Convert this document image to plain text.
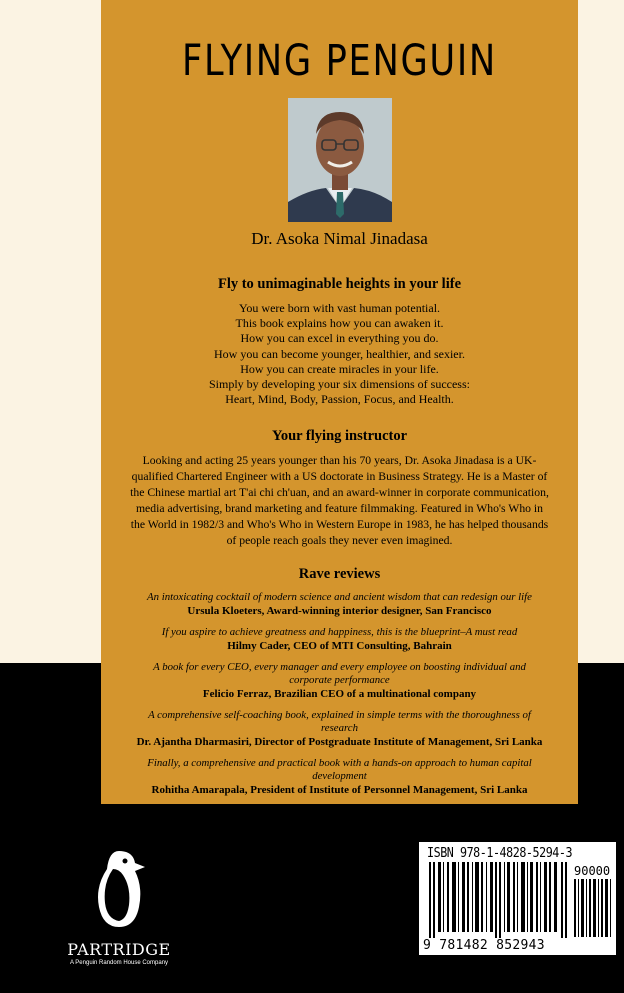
FLYING PENGUIN
Dr. Asoka Nimal Jinadasa
Fly to unimaginable heights in your life
You were born with vast human potential.
This book explains how you can awaken it.
How you can excel in everything you do.
How you can become younger, healthier, and sexier.
How you can create miracles in your life.
Simply by developing your six dimensions of success:
Heart, Mind, Body, Passion, Focus, and Health.
Your flying instructor
Looking and acting 25 years younger than his 70 years, Dr. Asoka Jinadasa is a UK-qualified Chartered Engineer with a US doctorate in Business Strategy. He is a Master of the Chinese martial art T'ai chi ch'uan, and an award-winner in corporate communication, media advertising, brand marketing and feature filmmaking. Featured in Who's Who in the World in 1982/3 and Who's Who in Western Europe in 1983, he has helped thousands of people reach goals they never even imagined.
Rave reviews
An intoxicating cocktail of modern science and ancient wisdom that can redesign our life
Ursula Kloeters, Award-winning interior designer, San Francisco
If you aspire to achieve greatness and happiness, this is the blueprint–A must read
Hilmy Cader, CEO of MTI Consulting, Bahrain
A book for every CEO, every manager and every employee on boosting individual and corporate performance
Felicio Ferraz, Brazilian CEO of a multinational company
A comprehensive self-coaching book, explained in simple terms with the thoroughness of research
Dr. Ajantha Dharmasiri, Director of Postgraduate Institute of Management, Sri Lanka
Finally, a comprehensive and practical book with a hands-on approach to human capital development
Rohitha Amarapala, President of Institute of Personnel Management, Sri Lanka
PARTRIDGE
A Penguin Random House Company
ISBN 978-1-4828-5294-3
90000
9 781482 852943
